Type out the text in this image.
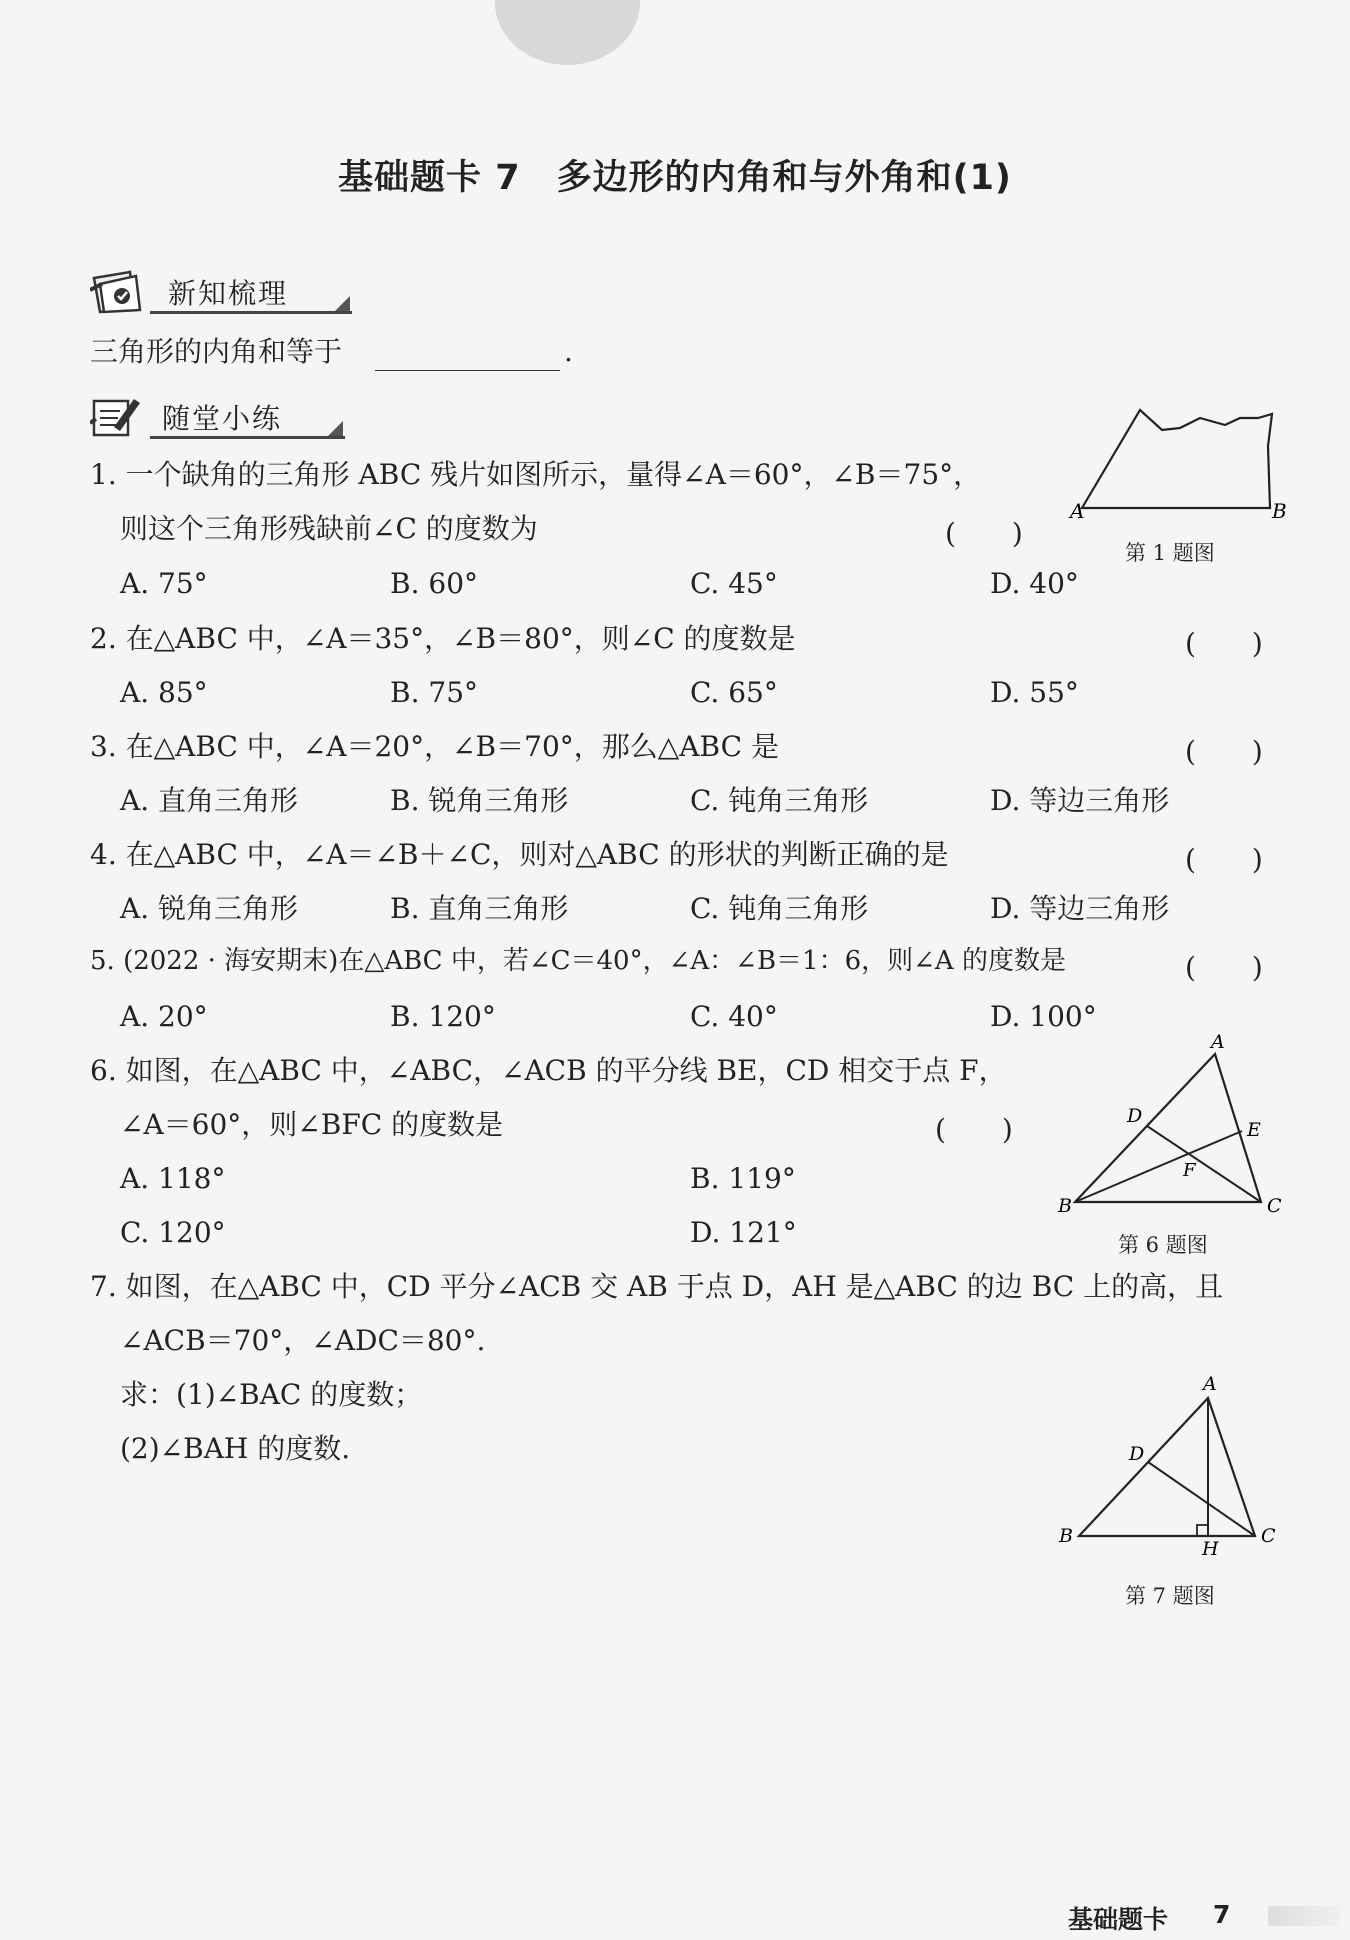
基础题卡 7　多边形的内角和与外角和(1)
新知梳理
三角形的内角和等于	.
随堂小练
1. 一个缺角的三角形 ABC 残片如图所示，量得∠A＝60°，∠B＝75°，
则这个三角形残缺前∠C 的度数为	(　　)
A. 75°	B. 60°	C. 45°	D. 40°
A	B
第 1 题图
2. 在△ABC 中，∠A＝35°，∠B＝80°，则∠C 的度数是	(　　)
A. 85°	B. 75°	C. 65°	D. 55°
3. 在△ABC 中，∠A＝20°，∠B＝70°，那么△ABC 是	(　　)
A. 直角三角形	B. 锐角三角形	C. 钝角三角形	D. 等边三角形
4. 在△ABC 中，∠A＝∠B＋∠C，则对△ABC 的形状的判断正确的是	(　　)
A. 锐角三角形	B. 直角三角形	C. 钝角三角形	D. 等边三角形
5. (2022 · 海安期末)在△ABC 中，若∠C＝40°，∠A：∠B＝1：6，则∠A 的度数是	(　　)
A. 20°	B. 120°	C. 40°	D. 100°
6. 如图，在△ABC 中，∠ABC，∠ACB 的平分线 BE，CD 相交于点 F，
∠A＝60°，则∠BFC 的度数是	(　　)
A. 118°	B. 119°
C. 120°	D. 121°
A
B	C
D
E
F
第 6 题图
7. 如图，在△ABC 中，CD 平分∠ACB 交 AB 于点 D，AH 是△ABC 的边 BC 上的高，且
∠ACB＝70°，∠ADC＝80°.
求：(1)∠BAC 的度数；
(2)∠BAH 的度数.
A
B	C
D
H
第 7 题图
基础题卡 7
